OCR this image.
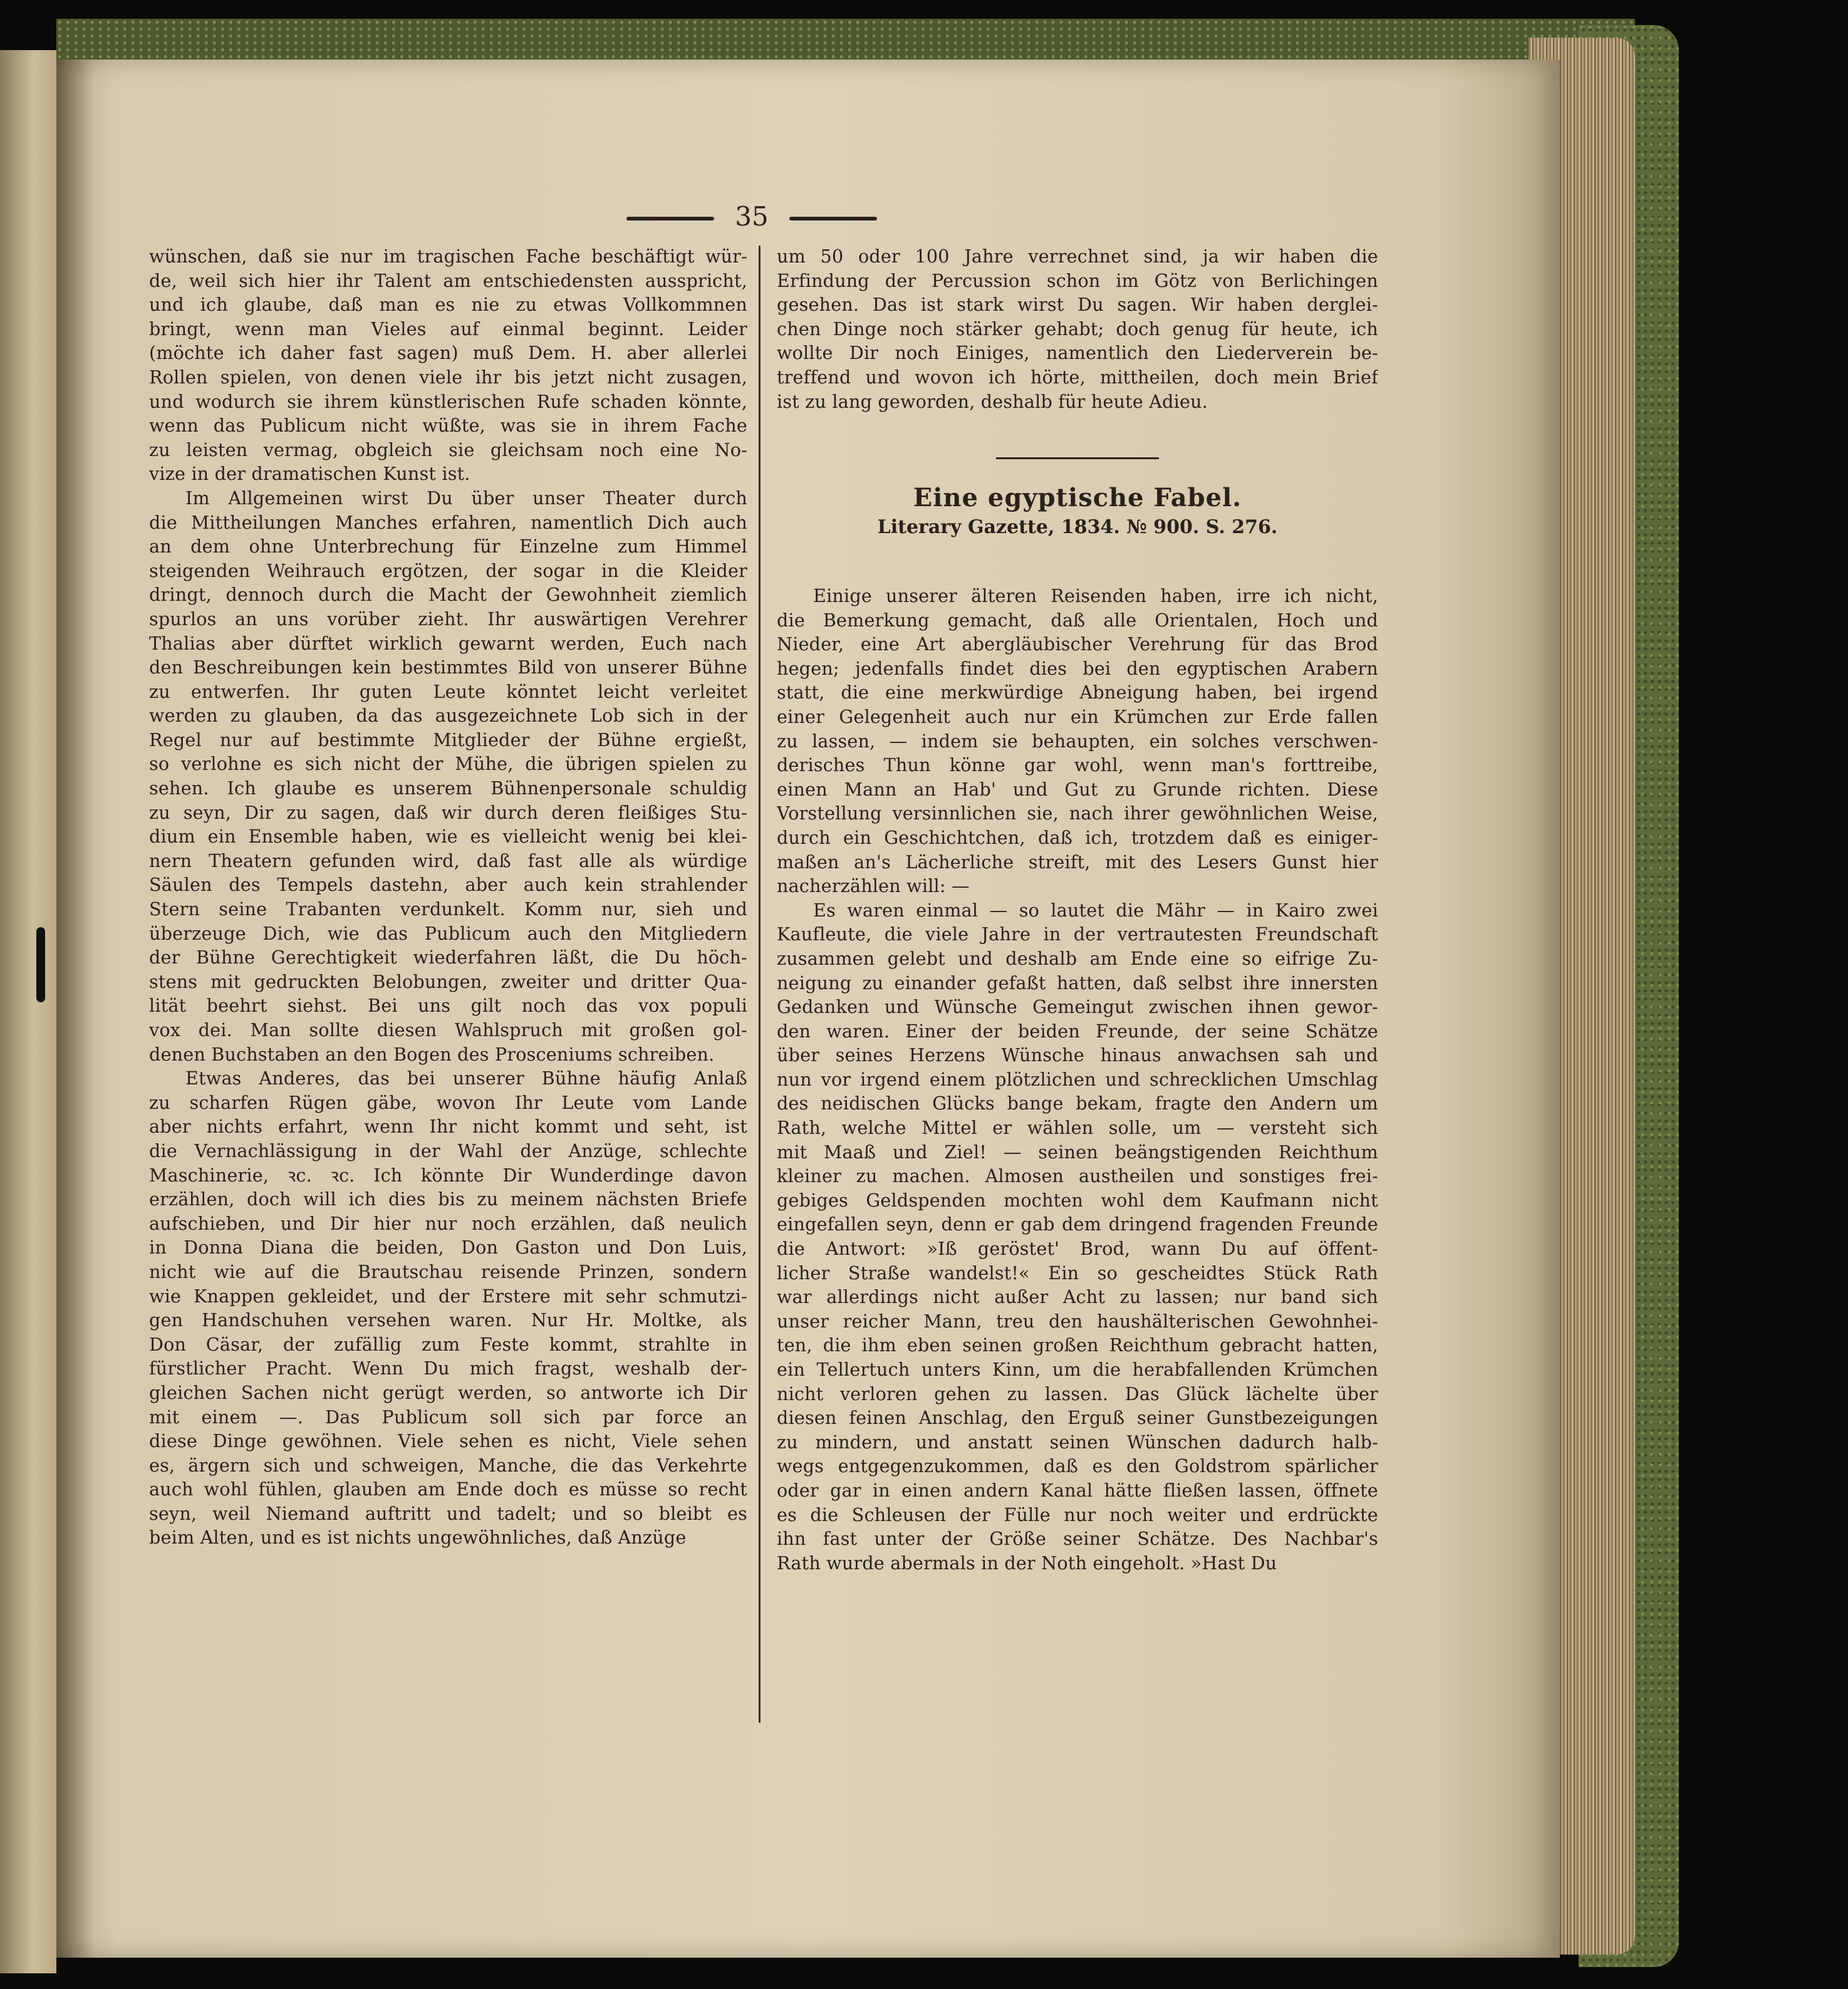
35
wünschen, daß sie nur im tragischen Fache beschäftigt wür-
de, weil sich hier ihr Talent am entschiedensten ausspricht,
und ich glaube, daß man es nie zu etwas Vollkommnen
bringt, wenn man Vieles auf einmal beginnt. Leider
(möchte ich daher fast sagen) muß Dem. H. aber allerlei
Rollen spielen, von denen viele ihr bis jetzt nicht zusagen,
und wodurch sie ihrem künstlerischen Rufe schaden könnte,
wenn das Publicum nicht wüßte, was sie in ihrem Fache
zu leisten vermag, obgleich sie gleichsam noch eine No-
vize in der dramatischen Kunst ist.
Im Allgemeinen wirst Du über unser Theater durch
die Mittheilungen Manches erfahren, namentlich Dich auch
an dem ohne Unterbrechung für Einzelne zum Himmel
steigenden Weihrauch ergötzen, der sogar in die Kleider
dringt, dennoch durch die Macht der Gewohnheit ziemlich
spurlos an uns vorüber zieht. Ihr auswärtigen Verehrer
Thalias aber dürftet wirklich gewarnt werden, Euch nach
den Beschreibungen kein bestimmtes Bild von unserer Bühne
zu entwerfen. Ihr guten Leute könntet leicht verleitet
werden zu glauben, da das ausgezeichnete Lob sich in der
Regel nur auf bestimmte Mitglieder der Bühne ergießt,
so verlohne es sich nicht der Mühe, die übrigen spielen zu
sehen. Ich glaube es unserem Bühnenpersonale schuldig
zu seyn, Dir zu sagen, daß wir durch deren fleißiges Stu-
dium ein Ensemble haben, wie es vielleicht wenig bei klei-
nern Theatern gefunden wird, daß fast alle als würdige
Säulen des Tempels dastehn, aber auch kein strahlender
Stern seine Trabanten verdunkelt. Komm nur, sieh und
überzeuge Dich, wie das Publicum auch den Mitgliedern
der Bühne Gerechtigkeit wiederfahren läßt, die Du höch-
stens mit gedruckten Belobungen, zweiter und dritter Qua-
lität beehrt siehst. Bei uns gilt noch das vox populi
vox dei. Man sollte diesen Wahlspruch mit großen gol-
denen Buchstaben an den Bogen des Prosceniums schreiben.
Etwas Anderes, das bei unserer Bühne häufig Anlaß
zu scharfen Rügen gäbe, wovon Ihr Leute vom Lande
aber nichts erfahrt, wenn Ihr nicht kommt und seht, ist
die Vernachlässigung in der Wahl der Anzüge, schlechte
Maschinerie, ꝛc. ꝛc. Ich könnte Dir Wunderdinge davon
erzählen, doch will ich dies bis zu meinem nächsten Briefe
aufschieben, und Dir hier nur noch erzählen, daß neulich
in Donna Diana die beiden, Don Gaston und Don Luis,
nicht wie auf die Brautschau reisende Prinzen, sondern
wie Knappen gekleidet, und der Erstere mit sehr schmutzi-
gen Handschuhen versehen waren. Nur Hr. Moltke, als
Don Cäsar, der zufällig zum Feste kommt, strahlte in
fürstlicher Pracht. Wenn Du mich fragst, weshalb der-
gleichen Sachen nicht gerügt werden, so antworte ich Dir
mit einem —. Das Publicum soll sich par force an
diese Dinge gewöhnen. Viele sehen es nicht, Viele sehen
es, ärgern sich und schweigen, Manche, die das Verkehrte
auch wohl fühlen, glauben am Ende doch es müsse so recht
seyn, weil Niemand auftritt und tadelt; und so bleibt es
beim Alten, und es ist nichts ungewöhnliches, daß Anzüge
um 50 oder 100 Jahre verrechnet sind, ja wir haben die
Erfindung der Percussion schon im Götz von Berlichingen
gesehen. Das ist stark wirst Du sagen. Wir haben derglei-
chen Dinge noch stärker gehabt; doch genug für heute, ich
wollte Dir noch Einiges, namentlich den Liederverein be-
treffend und wovon ich hörte, mittheilen, doch mein Brief
ist zu lang geworden, deshalb für heute Adieu.
Eine egyptische Fabel.
Literary Gazette, 1834. № 900. S. 276.
Einige unserer älteren Reisenden haben, irre ich nicht,
die Bemerkung gemacht, daß alle Orientalen, Hoch und
Nieder, eine Art abergläubischer Verehrung für das Brod
hegen; jedenfalls findet dies bei den egyptischen Arabern
statt, die eine merkwürdige Abneigung haben, bei irgend
einer Gelegenheit auch nur ein Krümchen zur Erde fallen
zu lassen, — indem sie behaupten, ein solches verschwen-
derisches Thun könne gar wohl, wenn man's forttreibe,
einen Mann an Hab' und Gut zu Grunde richten. Diese
Vorstellung versinnlichen sie, nach ihrer gewöhnlichen Weise,
durch ein Geschichtchen, daß ich, trotzdem daß es einiger-
maßen an's Lächerliche streift, mit des Lesers Gunst hier
nacherzählen will: —
Es waren einmal — so lautet die Mähr — in Kairo zwei
Kaufleute, die viele Jahre in der vertrautesten Freundschaft
zusammen gelebt und deshalb am Ende eine so eifrige Zu-
neigung zu einander gefaßt hatten, daß selbst ihre innersten
Gedanken und Wünsche Gemeingut zwischen ihnen gewor-
den waren. Einer der beiden Freunde, der seine Schätze
über seines Herzens Wünsche hinaus anwachsen sah und
nun vor irgend einem plötzlichen und schrecklichen Umschlag
des neidischen Glücks bange bekam, fragte den Andern um
Rath, welche Mittel er wählen solle, um — versteht sich
mit Maaß und Ziel! — seinen beängstigenden Reichthum
kleiner zu machen. Almosen austheilen und sonstiges frei-
gebiges Geldspenden mochten wohl dem Kaufmann nicht
eingefallen seyn, denn er gab dem dringend fragenden Freunde
die Antwort: »Iß geröstet' Brod, wann Du auf öffent-
licher Straße wandelst!« Ein so gescheidtes Stück Rath
war allerdings nicht außer Acht zu lassen; nur band sich
unser reicher Mann, treu den haushälterischen Gewohnhei-
ten, die ihm eben seinen großen Reichthum gebracht hatten,
ein Tellertuch unters Kinn, um die herabfallenden Krümchen
nicht verloren gehen zu lassen. Das Glück lächelte über
diesen feinen Anschlag, den Erguß seiner Gunstbezeigungen
zu mindern, und anstatt seinen Wünschen dadurch halb-
wegs entgegenzukommen, daß es den Goldstrom spärlicher
oder gar in einen andern Kanal hätte fließen lassen, öffnete
es die Schleusen der Fülle nur noch weiter und erdrückte
ihn fast unter der Größe seiner Schätze. Des Nachbar's
Rath wurde abermals in der Noth eingeholt. »Hast Du
